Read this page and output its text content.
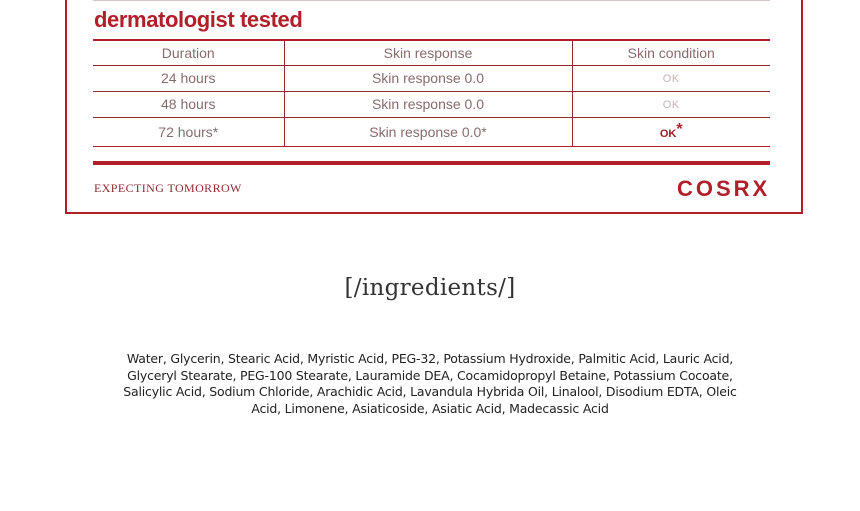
dermatologist tested
Duration	Skin response	Skin condition
24 hours	Skin response 0.0	OK
48 hours	Skin response 0.0	OK
72 hours*	Skin response 0.0*	OK*
EXPECTING TOMORROW	COSRX
[/ingredients/]

Water, Glycerin, Stearic Acid, Myristic Acid, PEG-32, Potassium Hydroxide, Palmitic Acid, Lauric Acid, Glyceryl Stearate, PEG-100 Stearate, Lauramide DEA, Cocamidopropyl Betaine, Potassium Cocoate, Salicylic Acid, Sodium Chloride, Arachidic Acid, Lavandula Hybrida Oil, Linalool, Disodium EDTA, Oleic Acid, Limonene, Asiaticoside, Asiatic Acid, Madecassic Acid
